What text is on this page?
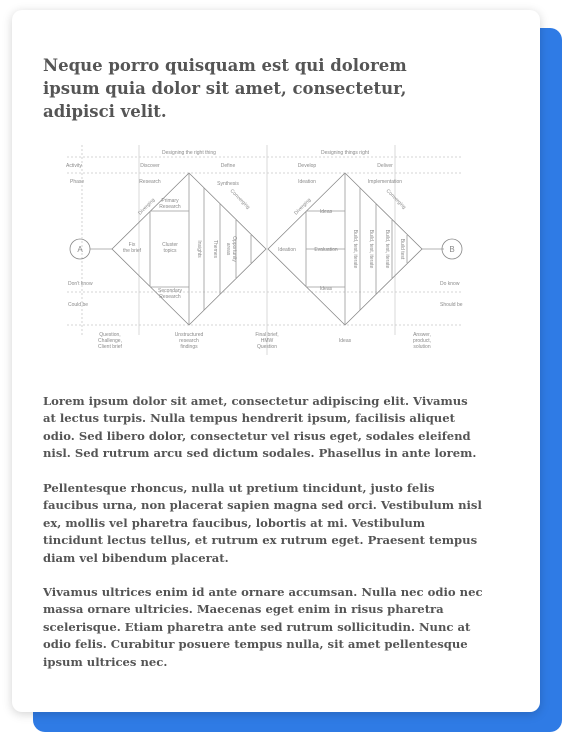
Neque porro quisquam est qui dolorem ipsum quia dolor sit amet, consectetur, adipisci velit.
Designing the right thing	Designing things right
Activity
Phase
Discover	Define	Develop	Deliver
Research	Synthesis	Ideation	Implementation
Diverging	Converging	Diverging	Converging
A	B
Primary Research
Secondary Research
Fix the brief
Cluster topics	Insights Themes	Opportunityareas
Ideas
Ideation	Evaluation
Ideas
Build, test, iterate Build, test, iterate Build, test, iterate Build test
Don't know
Could be
Do know
Should be
Question, Challenge, Client brief
Unstructured research findings
Final brief, HMW Question
Ideas
Answer, product, solution

Lorem ipsum dolor sit amet, consectetur adipiscing elit. Vivamus at lectus turpis. Nulla tempus hendrerit ipsum, facilisis aliquet odio. Sed libero dolor, consectetur vel risus eget, sodales eleifend nisl. Sed rutrum arcu sed dictum sodales. Phasellus in ante lorem.

Pellentesque rhoncus, nulla ut pretium tincidunt, justo felis faucibus urna, non placerat sapien magna sed orci. Vestibulum nisl ex, mollis vel pharetra faucibus, lobortis at mi. Vestibulum tincidunt lectus tellus, et rutrum ex rutrum eget. Praesent tempus diam vel bibendum placerat.

Vivamus ultrices enim id ante ornare accumsan. Nulla nec odio nec massa ornare ultricies. Maecenas eget enim in risus pharetra scelerisque. Etiam pharetra ante sed rutrum sollicitudin. Nunc at odio felis. Curabitur posuere tempus nulla, sit amet pellentesque ipsum ultrices nec.
